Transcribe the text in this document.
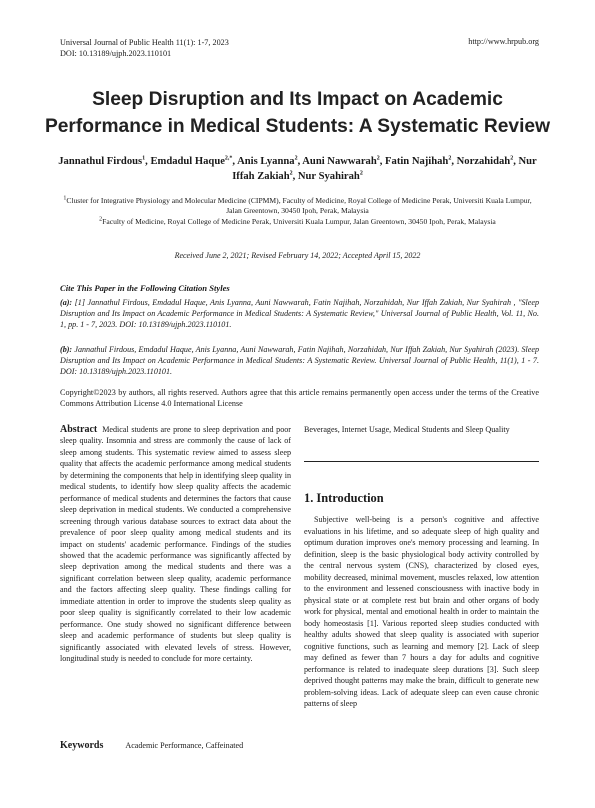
Universal Journal of Public Health 11(1): 1-7, 2023
DOI: 10.13189/ujph.2023.110101
http://www.hrpub.org
Sleep Disruption and Its Impact on Academic Performance in Medical Students: A Systematic Review
Jannathul Firdous$^1$, Emdadul Haque$^{2,*}$, Anis Lyanna$^2$, Auni Nawwarah$^2$, Fatin Najihah$^2$, Norzahidah$^2$, Nur Iffah Zakiah$^2$, Nur Syahirah$^2$
$^1$Cluster for Integrative Physiology and Molecular Medicine (CIPMM), Faculty of Medicine, Royal College of Medicine Perak, Universiti Kuala Lumpur, Jalan Greentown, 30450 Ipoh, Perak, Malaysia
$^2$Faculty of Medicine, Royal College of Medicine Perak, Universiti Kuala Lumpur, Jalan Greentown, 30450 Ipoh, Perak, Malaysia
Received June 2, 2021; Revised February 14, 2022; Accepted April 15, 2022
Cite This Paper in the Following Citation Styles
(a): [1] Jannathul Firdous, Emdadul Haque, Anis Lyanna, Auni Nawwarah, Fatin Najihah, Norzahidah, Nur Iffah Zakiah, Nur Syahirah , "Sleep Disruption and Its Impact on Academic Performance in Medical Students: A Systematic Review," Universal Journal of Public Health, Vol. 11, No. 1, pp. 1 - 7, 2023. DOI: 10.13189/ujph.2023.110101.
(b): Jannathul Firdous, Emdadul Haque, Anis Lyanna, Auni Nawwarah, Fatin Najihah, Norzahidah, Nur Iffah Zakiah, Nur Syahirah (2023). Sleep Disruption and Its Impact on Academic Performance in Medical Students: A Systematic Review. Universal Journal of Public Health, 11(1), 1 - 7. DOI: 10.13189/ujph.2023.110101.
Copyright©2023 by authors, all rights reserved. Authors agree that this article remains permanently open access under the terms of the Creative Commons Attribution License 4.0 International License
Abstract Medical students are prone to sleep deprivation and poor sleep quality. Insomnia and stress are commonly the cause of lack of sleep among students. This systematic review aimed to assess sleep quality that affects the academic performance among medical students by determining the components that help in identifying sleep quality in medical students, to identify how sleep quality affects the academic performance of medical students and determines the factors that cause sleep deprivation in medical students. We conducted a comprehensive screening through various database sources to extract data about the prevalence of poor sleep quality among medical students and its impact on students' academic performance. Findings of the studies showed that the academic performance was significantly affected by sleep deprivation among the medical students and there was a significant correlation between sleep quality, academic performance and the factors affecting sleep quality. These findings calling for immediate attention in order to improve the students sleep quality as poor sleep quality is significantly correlated to their low academic performance. One study showed no significant difference between sleep and academic performance of students but sleep quality is significantly associated with elevated levels of stress. However, longitudinal study is needed to conclude for more certainty.
Keywords	Academic Performance, Caffeinated
Beverages, Internet Usage, Medical Students and Sleep Quality
1. Introduction

Subjective well-being is a person's cognitive and affective evaluations in his lifetime, and so adequate sleep of high quality and optimum duration improves one's memory processing and learning. In definition, sleep is the basic physiological body activity controlled by the central nervous system (CNS), characterized by closed eyes, mobility decreased, minimal movement, muscles relaxed, low attention to the environment and lessened consciousness with inactive body in physical state or at complete rest but brain and other organs of body work for physical, mental and emotional health in order to maintain the body homeostasis [1]. Various reported sleep studies conducted with healthy adults showed that sleep quality is associated with superior cognitive functions, such as learning and memory [2]. Lack of sleep may defined as fewer than 7 hours a day for adults and cognitive performance is related to inadequate sleep durations [3]. Such sleep deprived thought patterns may make the brain, difficult to generate new problem-solving ideas. Lack of adequate sleep can even cause chronic patterns of sleep
